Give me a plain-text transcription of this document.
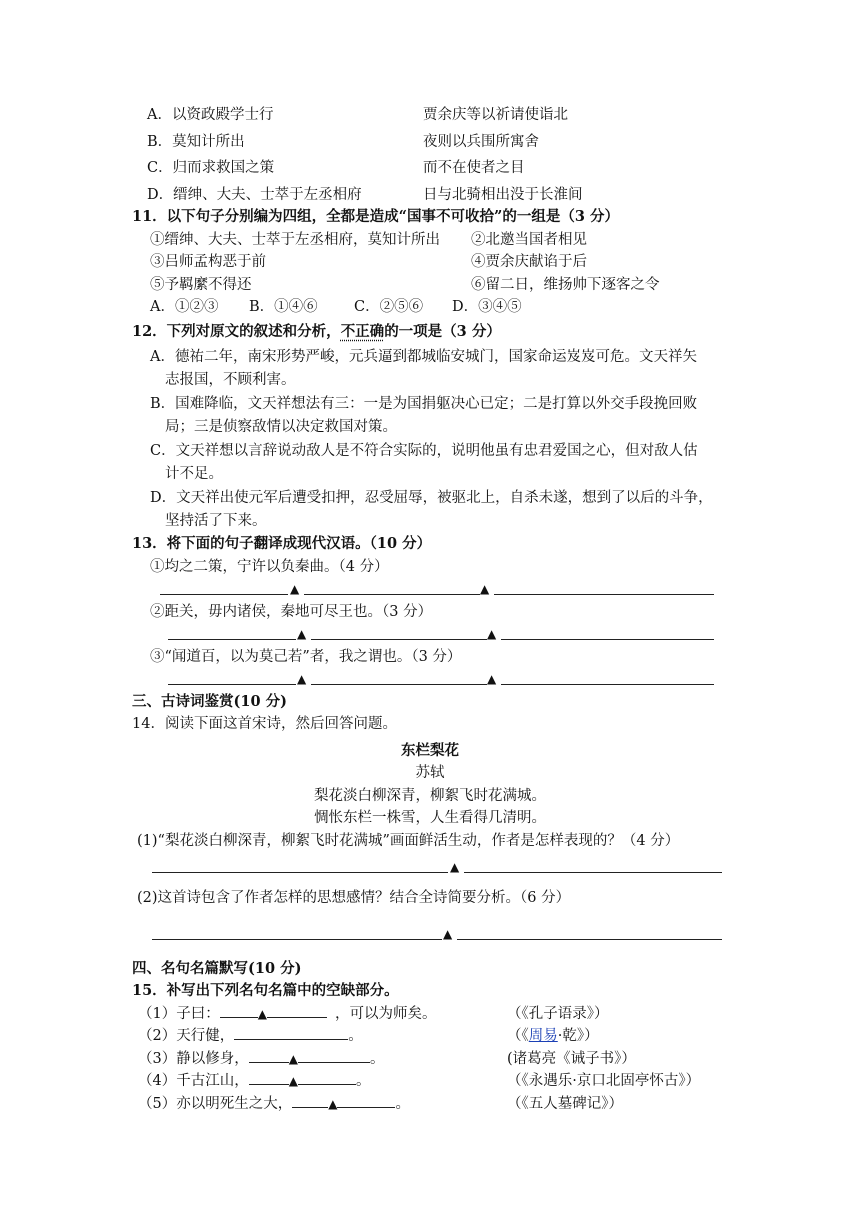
A．以资政殿学士行	贾余庆等以祈请使诣北
B．莫知计所出	夜则以兵围所寓舍
C．归而求救国之策	而不在使者之目
D．缙绅、大夫、士萃于左丞相府	日与北骑相出没于长淮间
11．以下句子分别编为四组，全都是造成“国事不可收拾”的一组是（3 分）
①缙绅、大夫、士萃于左丞相府，莫知计所出 ②北邀当国者相见
③吕师孟构恶于前	④贾余庆献谄于后
⑤予羁縻不得还	⑥留二日，维扬帅下逐客之令
A．①②③ B．①④⑥	C．②⑤⑥ D．③④⑤
12．下列对原文的叙述和分析，不正确的一项是（3 分）
A．德祐二年，南宋形势严峻，元兵逼到都城临安城门，国家命运岌岌可危。文天祥矢
志报国，不顾利害。
B．国难降临，文天祥想法有三：一是为国捐躯决心已定；二是打算以外交手段挽回败
局；三是侦察敌情以决定救国对策。
C．文天祥想以言辞说动敌人是不符合实际的，说明他虽有忠君爱国之心，但对敌人估
计不足。
D．文天祥出使元军后遭受扣押，忍受屈辱，被驱北上，自杀未遂，想到了以后的斗争，
坚持活了下来。
13．将下面的句子翻译成现代汉语。（10 分）
①均之二策，宁许以负秦曲。（4 分）
▲	▲
②距关，毋内诸侯，秦地可尽王也。（3 分）
▲	▲
③“闻道百，以为莫己若”者，我之谓也。（3 分）
▲	▲
三、古诗词鉴赏(10 分)
14．阅读下面这首宋诗，然后回答问题。
东栏梨花
苏轼
梨花淡白柳深青，柳絮飞时花满城。
惆怅东栏一株雪，人生看得几清明。
(1)“梨花淡白柳深青，柳絮飞时花满城”画面鲜活生动，作者是怎样表现的？（4 分）
▲
(2)这首诗包含了作者怎样的思想感情？结合全诗简要分析。（6 分）
▲
四、名句名篇默写(10 分)
15．补写出下列名句名篇中的空缺部分。
（1）子曰：	▲	，可以为师矣。	（《孔子语录》）
（2）天行健，	。	（《周易·乾》）
（3）静以修身，	▲	。	(诸葛亮《诫子书》）
（4）千古江山，	▲	。	（《永遇乐·京口北固亭怀古》）
（5）亦以明死生之大，	▲	。	（《五人墓碑记》）
